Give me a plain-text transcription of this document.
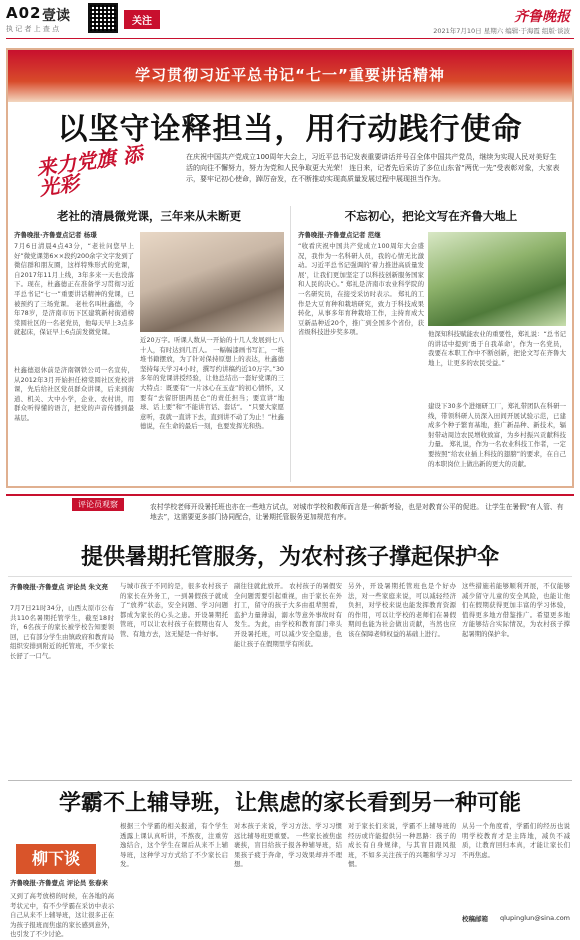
A02 壹读
执 记 者 上 查 点
关注	齐鲁晚报
2021年7月10日 星期六 编辑·于海霞 组版·谈波
学习贯彻习近平总书记“七一”重要讲话精神
以坚守诠释担当，用行动践行使命
来力党旗 添光彩
在庆祝中国共产党成立100周年大会上，习近平总书记发表重要讲话并号召全体中国共产党员，继续为实现人民对美好生活的向往不懈努力，努力为党和人民争取更大光荣！ 连日来，记者先后采访了多位山东省“两优一先”受表彰对象，大家表示，要牢记初心使命，踔厉奋发，在不断推动实现高质量发展过程中展现担当作为。
老社的清晨微党课，三年来从未断更	不忘初心，把论文写在齐鲁大地上
齐鲁晚报·齐鲁壹点记者 杨璟
7月6日清晨4点43分，“老社问您早上好”微党课第6××段约200余字文字发到了微信群和朋友圈，这样特殊形式的党课，自2017年11月上线，3年多来一天也没落下。现在，杜鑫德正在准备学习贯彻习近平总书记“七一”重要讲话精神的党课，已被预约了三场党课。 老杜名叫杜鑫德，今年78岁，是济南市历下区建筑新村街道榜棠圆社区的一名老党员，他每天早上3点多就起床，保证早上6点前发微党课。
杜鑫德退休前是济南钢铁公司一名宣传，从2012年3月开始担任榜棠圆社区党校讲课，先后给社区党员群众讲课，后来到街道、机关、大中小学，企业、农村讲，用群众听得懂的语言，把党的声音传播到最基层。
近20万字。听课人数从一开始的十几人发展到七八十人，有时达到几百人。 一幅幅漆画书写汇，一堆堆书籍摆放，为了针对保持原想上的表达，杜鑫德坚持每天学习4小时，撰写约讲稿约近10万字。”30多年的党课讲授经验，让他总结出一套好党课的三大特点：既要有“一片冰心在玉壶”的初心情怀，又要有“去留肝胆两昆仑”的责任担当；要宣讲“地球、话上要”和“不能讲官话、套话”。 “只要大家愿意听，我就一直讲下去，直到讲不动了为止！”杜鑫德说，在生命的最后一刻，也要发挥光和热。
齐鲁晚报·齐鲁壹点记者 范继
“收看庆祝中国共产党成立100周年大会盛况，我作为一名科研人员，我的心情无比激动。习近平总书记强调的‘着力推进高质量发展’，让我们更加坚定了以科技创新服务国家和人民的决心。” 郑礼是济南市农业科学院的一名研究员，在接受采访时表示。 郑礼的工作是大豆育种和栽培研究，致力于科技成果转化，从事多年育种栽培工作，主持育成大豆新品种近20个，推广到全国多个省份，获省级科技进步奖多项。	他深知科技赋能农业的重要性，郑礼说：“总书记的讲话中提到‘勇于自我革命’，作为一名党员，我要在本职工作中不断创新，把论文写在齐鲁大地上，让更多的农民受益。”
建设下30多个进细研工厂，郑礼带团队在科研一线，带领科研人员深入田间开展试验示范，已建成多个种子繁育基地，推广新品种、新技术，辐射带动周边农民增收致富，为乡村振兴贡献科技力量。 郑礼说，作为一名农业科技工作者，一定要按照“给农业插上科技的翅膀”的要求，在自己的本职岗位上做出新的更大的贡献。
评论员观察	农村学校老师开设暑托班也亦在一些地方试点，对城市学校和教师而言是一种新考验，也是对教育公平的促进。 让学生在暑假“有人管、有地去”，这需要更多部门协同配合，让暑期托管服务更加规范有序。
提供暑期托管服务，为农村孩子撑起保护伞
齐鲁晚报·齐鲁壹点 评论员 朱文亮
7月7日21时34分，山西太原市公布共110名暑期托管学生，截至18时许，6名孩子的家长被学校告知要领回，已有部分学生由镇政府和教育局组织安排到附近的托管班，不少家长长舒了一口气。
与城市孩子不同的是，很多农村孩子的家长在外务工，一到暑假孩子就成了“放养”状态，安全问题、学习问题都成为家长的心头之患。开设暑期托管班，可以让农村孩子在假期也有人管、有地方去，这无疑是一件好事。
副往往就此放开。 农村孩子的暑假安全问题需要引起重视，由于家长在外打工，留守的孩子大多由祖辈照看，监护力量薄弱，溺水等意外事故时有发生。为此，由学校和教育部门牵头开设暑托班，可以减少安全隐患，也能让孩子在假期里学有所获。
另外，开设暑期托管班也是个好办法，对一些家庭来说，可以减轻经济负担，对学校来说也能发挥教育资源的作用，可以让学校的老师们在暑假期间也能为社会做出贡献，当然也应该在保障老师权益的基础上进行。
这些措施若能够顺利开展，不仅能够减少留守儿童的安全风险，也能让他们在假期获得更加丰富的学习体验，值得更多地方借鉴推广。希望更多地方能够结合实际情况，为农村孩子撑起暑期的保护伞。
学霸不上辅导班，让焦虑的家长看到另一种可能
柳下谈
齐鲁晚报·齐鲁壹点 评论员 张春来
又到了高考放榜的时候，在各地的高考状元中，有不少学霸在采访中表示自己从来不上辅导班，这让很多正在为孩子报班而焦虑的家长感到意外，也引发了不少讨论。
根据三个学霸的相关报道，有个学生透露上课认真听讲，不熬夜，注重劳逸结合，这个学生在课后从来不上辅导班，这种学习方式给了不少家长启发。
对本孩子来说，学习方法、学习习惯远比辅导班更重要。 一些家长被焦虑裹挟，盲目给孩子报各种辅导班，结果孩子疲于奔命，学习效果却并不理想。
对于家长们来说，学霸不上辅导班的经历或许能提供另一种思路：孩子的成长有自身规律，与其盲目跟风报班，不如多关注孩子的兴趣和学习习惯。
从另一个角度看，学霸们的经历也说明学校教育才是主阵地，减负不减质，让教育回归本真，才能让家长们不再焦虑。
校稿邮箱 qlupinglun@sina.com
